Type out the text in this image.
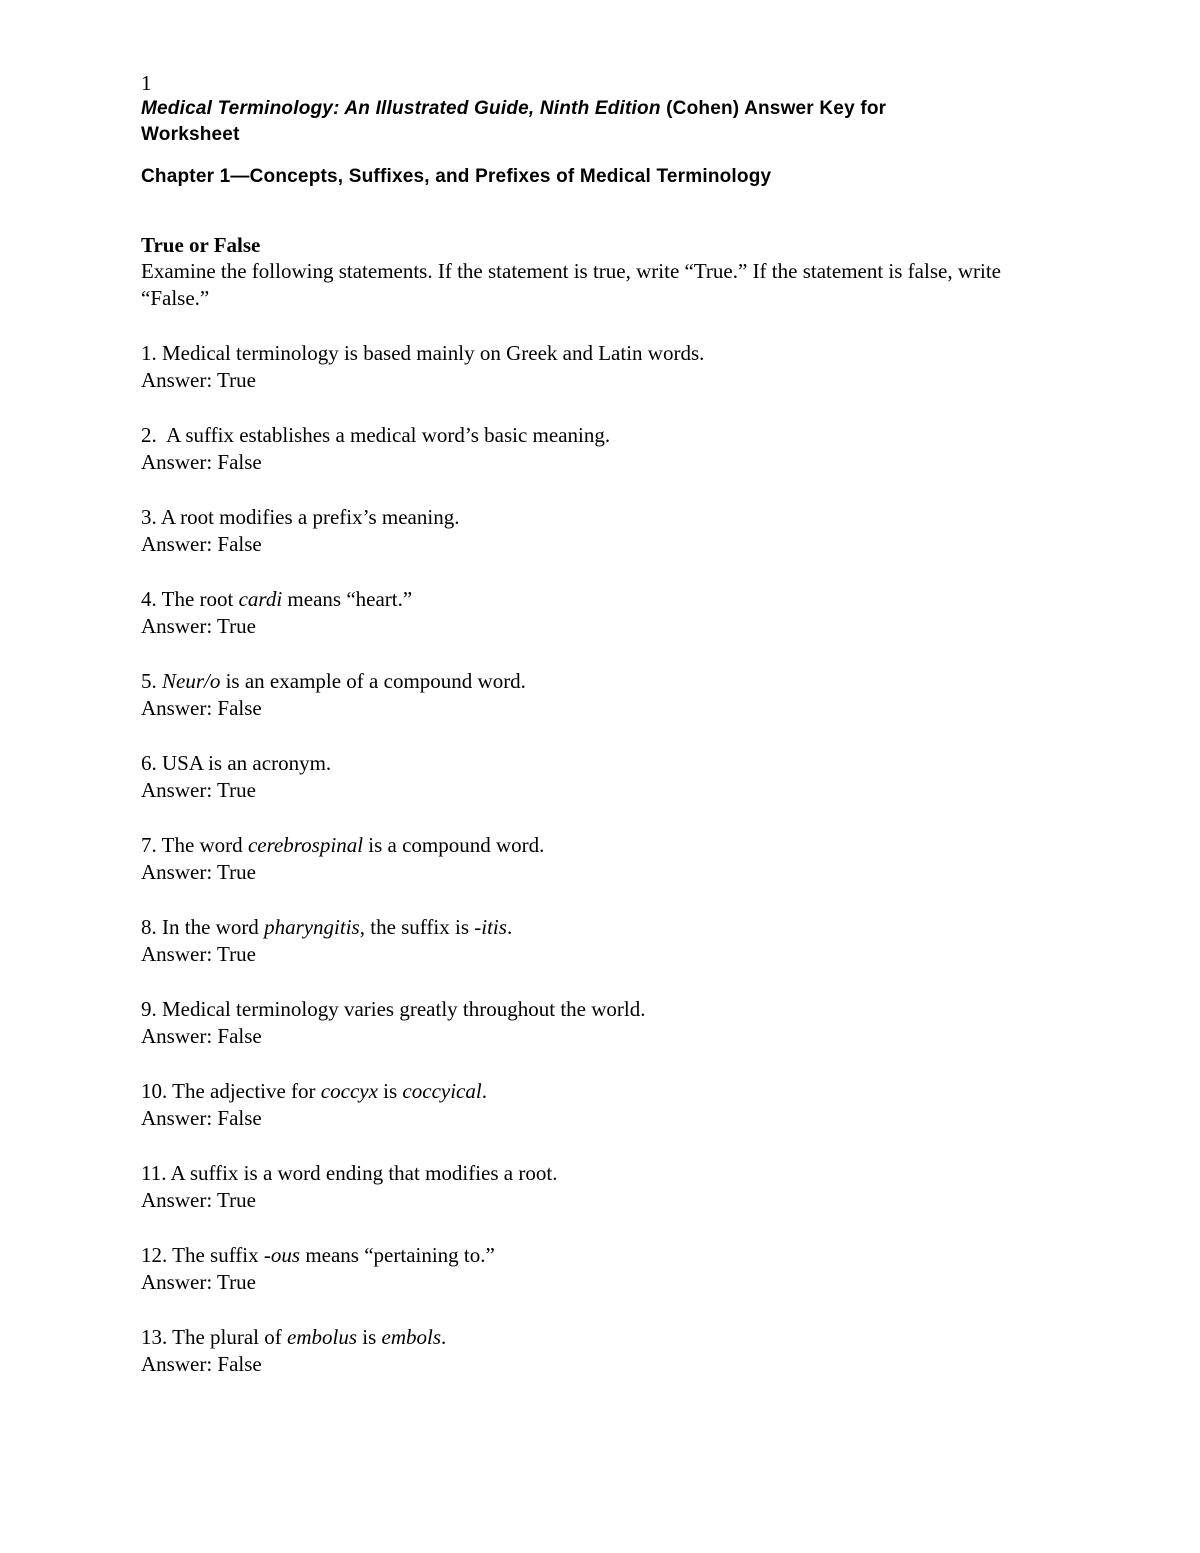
1
Medical Terminology: An Illustrated Guide, Ninth Edition (Cohen) Answer Key for
Worksheet
Chapter 1—Concepts, Suffixes, and Prefixes of Medical Terminology
True or False
Examine the following statements. If the statement is true, write “True.” If the statement is false, write “False.”
1. Medical terminology is based mainly on Greek and Latin words.
Answer: True
2.  A suffix establishes a medical word’s basic meaning.
Answer: False
3. A root modifies a prefix’s meaning.
Answer: False
4. The root cardi means “heart.”
Answer: True
5. Neur/o is an example of a compound word.
Answer: False
6. USA is an acronym.
Answer: True
7. The word cerebrospinal is a compound word.
Answer: True
8. In the word pharyngitis, the suffix is -itis.
Answer: True
9. Medical terminology varies greatly throughout the world.
Answer: False
10. The adjective for coccyx is coccyical.
Answer: False
11. A suffix is a word ending that modifies a root.
Answer: True
12. The suffix -ous means “pertaining to.”
Answer: True
13. The plural of embolus is embols.
Answer: False
